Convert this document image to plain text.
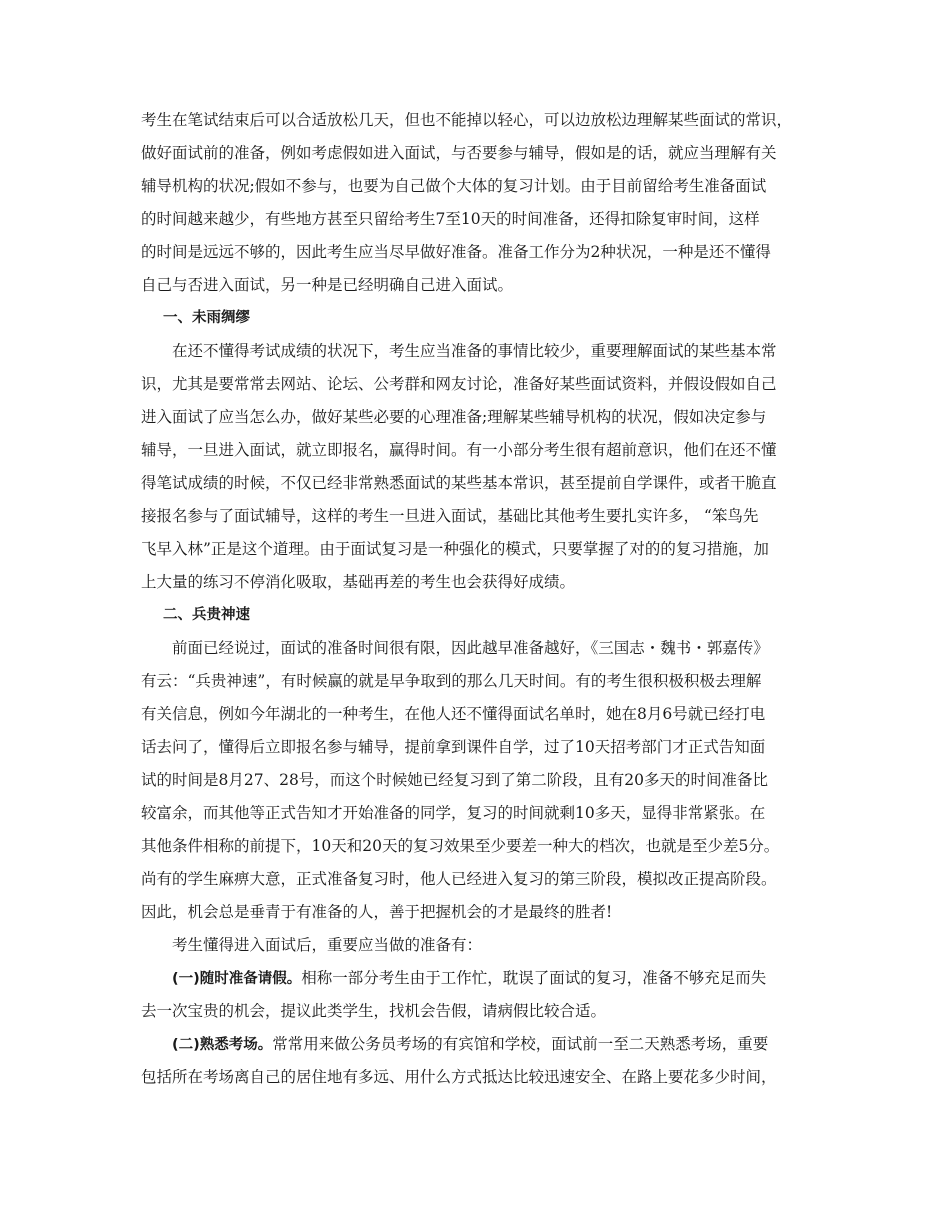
考生在笔试结束后可以合适放松几天，但也不能掉以轻心，可以边放松边理解某些面试的常识，
做好面试前的准备，例如考虑假如进入面试，与否要参与辅导，假如是的话，就应当理解有关
辅导机构的状况;假如不参与，也要为自己做个大体的复习计划。由于目前留给考生准备面试
的时间越来越少，有些地方甚至只留给考生7至10天的时间准备，还得扣除复审时间，这样
的时间是远远不够的，因此考生应当尽早做好准备。准备工作分为2种状况，一种是还不懂得
自己与否进入面试，另一种是已经明确自己进入面试。
一、未雨绸缪
在还不懂得考试成绩的状况下，考生应当准备的事情比较少，重要理解面试的某些基本常
识，尤其是要常常去网站、论坛、公考群和网友讨论，准备好某些面试资料，并假设假如自己
进入面试了应当怎么办，做好某些必要的心理准备;理解某些辅导机构的状况，假如决定参与
辅导，一旦进入面试，就立即报名，赢得时间。有一小部分考生很有超前意识，他们在还不懂
得笔试成绩的时候，不仅已经非常熟悉面试的某些基本常识，甚至提前自学课件，或者干脆直
接报名参与了面试辅导，这样的考生一旦进入面试，基础比其他考生要扎实许多， “笨鸟先
飞早入林”正是这个道理。由于面试复习是一种强化的模式，只要掌握了对的的复习措施，加
上大量的练习不停消化吸取，基础再差的考生也会获得好成绩。
二、兵贵神速
前面已经说过，面试的准备时间很有限，因此越早准备越好，《三国志・魏书・郭嘉传》
有云：“兵贵神速”，有时候赢的就是早争取到的那么几天时间。有的考生很积极积极去理解
有关信息，例如今年湖北的一种考生，在他人还不懂得面试名单时，她在8月6号就已经打电
话去问了，懂得后立即报名参与辅导，提前拿到课件自学，过了10天招考部门才正式告知面
试的时间是8月27、28号，而这个时候她已经复习到了第二阶段，且有20多天的时间准备比
较富余，而其他等正式告知才开始准备的同学，复习的时间就剩10多天，显得非常紧张。在
其他条件相称的前提下，10天和20天的复习效果至少要差一种大的档次，也就是至少差5分。
尚有的学生麻痹大意，正式准备复习时，他人已经进入复习的第三阶段，模拟改正提高阶段。
因此，机会总是垂青于有准备的人，善于把握机会的才是最终的胜者!
考生懂得进入面试后，重要应当做的准备有：
(一)随时准备请假。相称一部分考生由于工作忙，耽误了面试的复习，准备不够充足而失
去一次宝贵的机会，提议此类学生，找机会告假，请病假比较合适。
(二)熟悉考场。常常用来做公务员考场的有宾馆和学校，面试前一至二天熟悉考场，重要
包括所在考场离自己的居住地有多远、用什么方式抵达比较迅速安全、在路上要花多少时间，
